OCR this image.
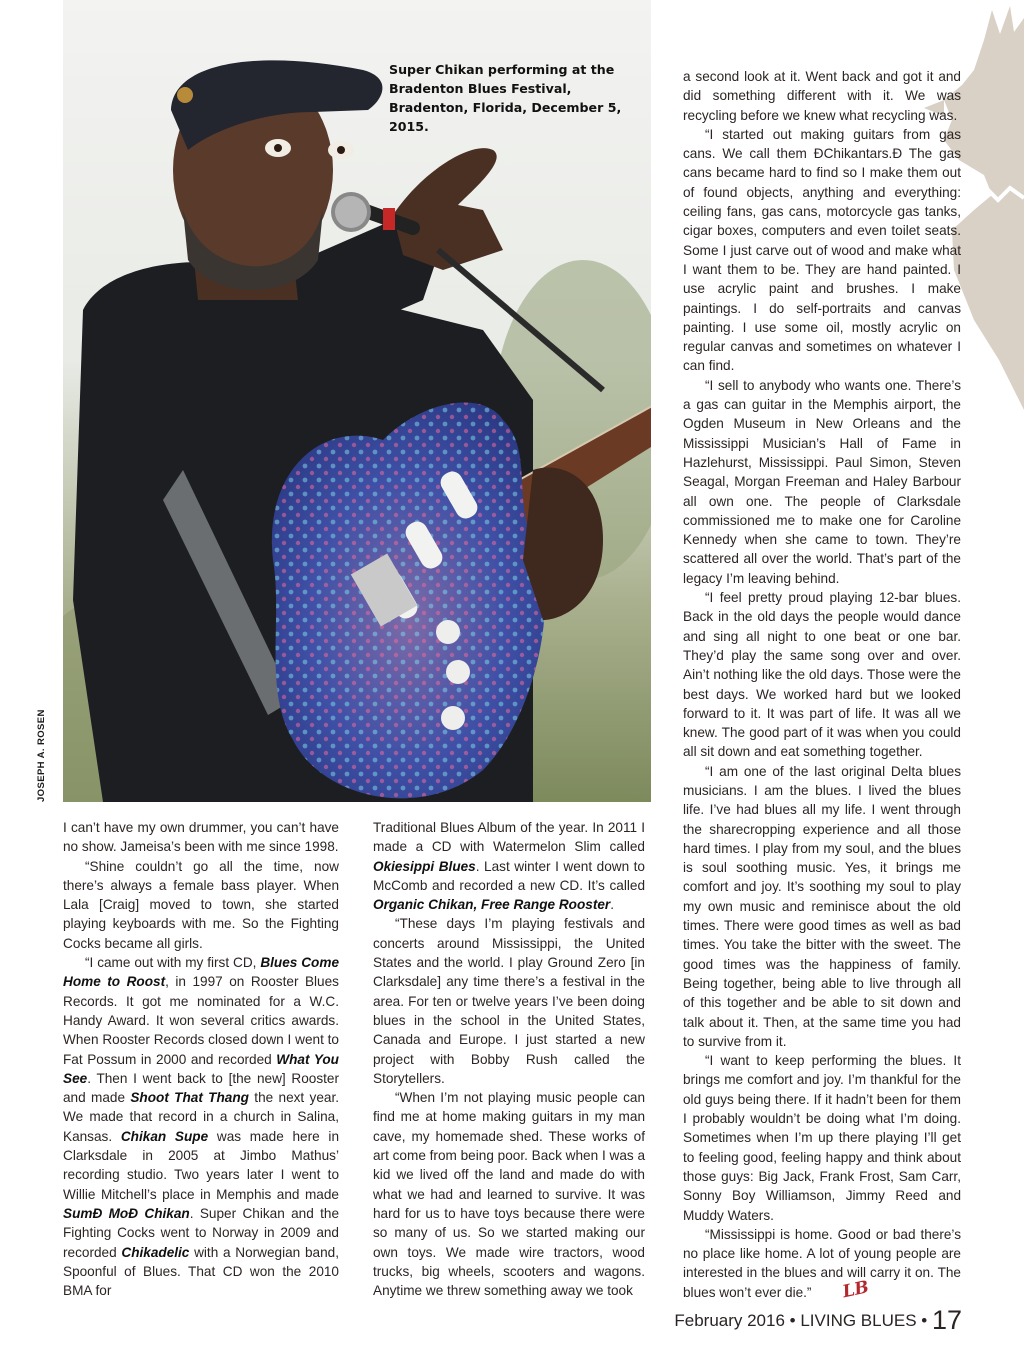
JOSEPH A. ROSEN
Super Chikan performing at the Bradenton Blues Festival, Bradenton, Florida, December 5, 2015.

I can’t have my own drummer, you can’t have no show. Jameisa’s been with me since 1998.

“Shine couldn’t go all the time, now there’s always a female bass player. When Lala [Craig] moved to town, she started playing keyboards with me. So the Fighting Cocks became all girls.

“I came out with my first CD, Blues Come Home to Roost, in 1997 on Rooster Blues Records. It got me nominated for a W.C. Handy Award. It won several critics awards. When Rooster Records closed down I went to Fat Possum in 2000 and recorded What You See. Then I went back to [the new] Rooster and made Shoot That Thang the next year. We made that record in a church in Salina, Kansas. Chikan Supe was made here in Clarksdale in 2005 at Jimbo Mathus’ recording studio. Two years later I went to Willie Mitchell’s place in Memphis and made SumÐ MoÐ Chikan. Super Chikan and the Fighting Cocks went to Norway in 2009 and recorded Chikadelic with a Norwegian band, Spoonful of Blues. That CD won the 2010 BMA for

Traditional Blues Album of the year. In 2011 I made a CD with Watermelon Slim called Okiesippi Blues. Last winter I went down to McComb and recorded a new CD. It’s called Organic Chikan, Free Range Rooster.

“These days I’m playing festivals and concerts around Mississippi, the United States and the world. I play Ground Zero [in Clarksdale] any time there’s a festival in the area. For ten or twelve years I’ve been doing blues in the school in the United States, Canada and Europe. I just started a new project with Bobby Rush called the Storytellers.

“When I’m not playing music people can find me at home making guitars in my man cave, my homemade shed. These works of art come from being poor. Back when I was a kid we lived off the land and made do with what we had and learned to survive. It was hard for us to have toys because there were so many of us. So we started making our own toys. We made wire tractors, wood trucks, big wheels, scooters and wagons. Anytime we threw something away we took

a second look at it. Went back and got it and did something different with it. We was recycling before we knew what recycling was.

“I started out making guitars from gas cans. We call them ÐChikantars.Ð The gas cans became hard to find so I make them out of found objects, anything and everything: ceiling fans, gas cans, motorcycle gas tanks, cigar boxes, computers and even toilet seats. Some I just carve out of wood and make what I want them to be. They are hand painted. I use acrylic paint and brushes. I make paintings. I do self-portraits and canvas painting. I use some oil, mostly acrylic on regular canvas and sometimes on whatever I can find.

“I sell to anybody who wants one. There’s a gas can guitar in the Memphis airport, the Ogden Museum in New Orleans and the Mississippi Musician’s Hall of Fame in Hazlehurst, Mississippi. Paul Simon, Steven Seagal, Morgan Freeman and Haley Barbour all own one. The people of Clarksdale commissioned me to make one for Caroline Kennedy when she came to town. They’re scattered all over the world. That’s part of the legacy I’m leaving behind.

“I feel pretty proud playing 12-bar blues. Back in the old days the people would dance and sing all night to one beat or one bar. They’d play the same song over and over. Ain’t nothing like the old days. Those were the best days. We worked hard but we looked forward to it. It was part of life. It was all we knew. The good part of it was when you could all sit down and eat something together.

“I am one of the last original Delta blues musicians. I am the blues. I lived the blues life. I’ve had blues all my life. I went through the sharecropping experience and all those hard times. I play from my soul, and the blues is soul soothing music. Yes, it brings me comfort and joy. It’s soothing my soul to play my own music and reminisce about the old times. There were good times as well as bad times. You take the bitter with the sweet. The good times was the happiness of family. Being together, being able to live through all of this together and be able to sit down and talk about it. Then, at the same time you had to survive from it.

“I want to keep performing the blues. It brings me comfort and joy. I’m thankful for the old guys being there. If it hadn’t been for them I probably wouldn’t be doing what I’m doing. Sometimes when I’m up there playing I’ll get to feeling good, feeling happy and think about those guys: Big Jack, Frank Frost, Sam Carr, Sonny Boy Williamson, Jimmy Reed and Muddy Waters.

“Mississippi is home. Good or bad there’s no place like home. A lot of young people are interested in the blues and will carry it on. The blues won’t ever die.” LB

February 2016 • LIVING BLUES • 17
